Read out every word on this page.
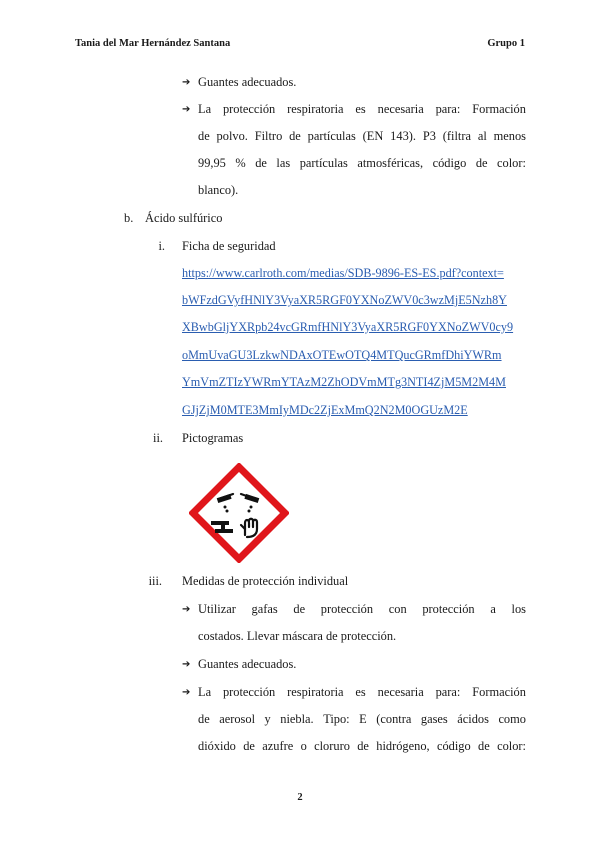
Tania del Mar Hernández Santana	Grupo 1
➔ Guantes adecuados.
➔ La protección respiratoria es necesaria para: Formación
de polvo. Filtro de partículas (EN 143). P3 (filtra al menos
99,95 % de las partículas atmosféricas, código de color:
blanco).
b. Ácido sulfúrico
i. Ficha de seguridad
https://www.carlroth.com/medias/SDB-9896-ES-ES.pdf?context=
bWFzdGVyfHNlY3VyaXR5RGF0YXNoZWV0c3wzMjE5Nzh8Y
XBwbGljYXRpb24vcGRmfHNlY3VyaXR5RGF0YXNoZWV0cy9
oMmUvaGU3LzkwNDAxOTEwOTQ4MTQucGRmfDhiYWRm
YmVmZTIzYWRmYTAzM2ZhODVmMTg3NTI4ZjM5M2M4M
GJjZjM0MTE3MmIyMDc2ZjExMmQ2N2M0OGUzM2E
ii. Pictogramas
iii. Medidas de protección individual
➔ Utilizar gafas de protección con protección a los
costados. Llevar máscara de protección.
➔ Guantes adecuados.
➔ La protección respiratoria es necesaria para: Formación
de aerosol y niebla. Tipo: E (contra gases ácidos como
dióxido de azufre o cloruro de hidrógeno, código de color:
2
